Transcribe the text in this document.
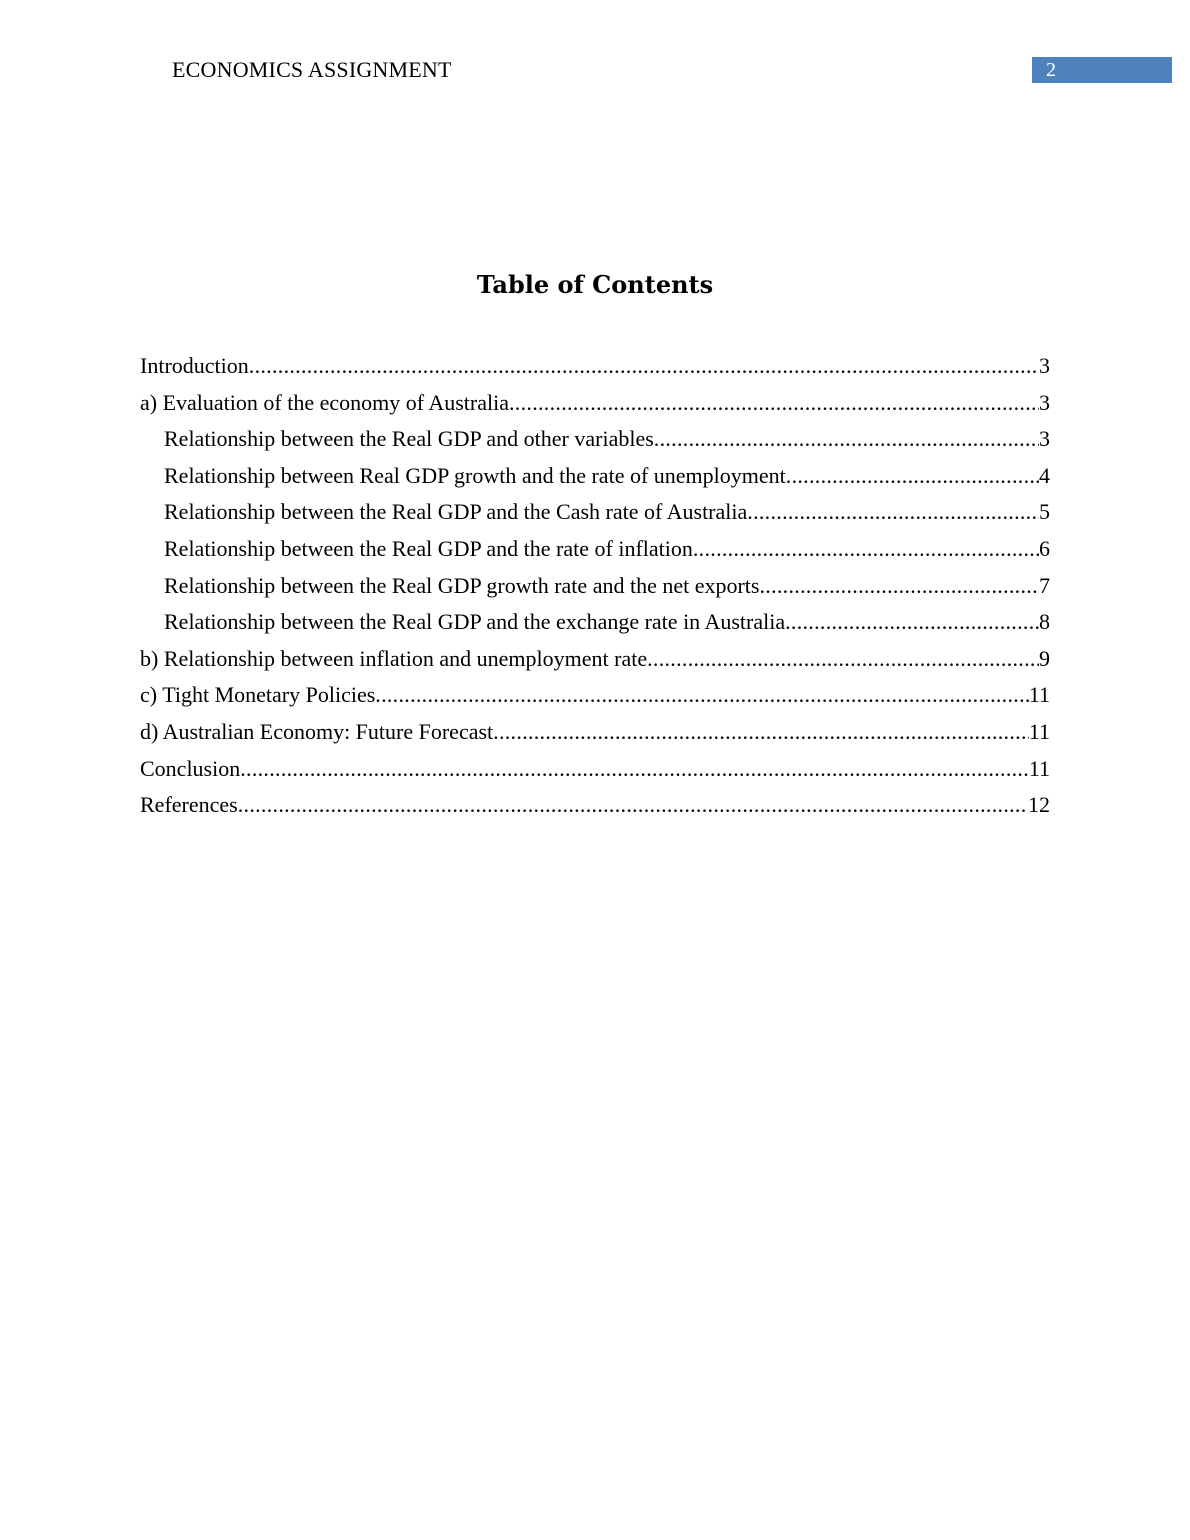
ECONOMICS ASSIGNMENT	2
Table of Contents
Introduction .....	3
a) Evaluation of the economy of Australia .....	3
Relationship between the Real GDP and other variables .....	3
Relationship between Real GDP growth and the rate of unemployment .....	4
Relationship between the Real GDP and the Cash rate of Australia .....	5
Relationship between the Real GDP and the rate of inflation .....	6
Relationship between the Real GDP growth rate and the net exports .....	7
Relationship between the Real GDP and the exchange rate in Australia .....	8
b) Relationship between inflation and unemployment rate .....	9
c) Tight Monetary Policies .....	11
d) Australian Economy: Future Forecast .....	11
Conclusion .....	11
References .....	12
